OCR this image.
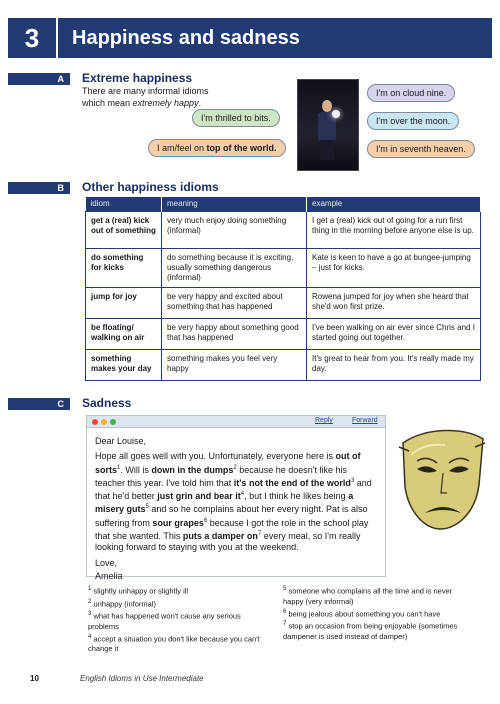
3	Happiness and sadness
A	Extreme happiness
There are many informal idioms
which mean extremely happy.
I'm thrilled to bits.
I am/feel on top of the world.
I'm on cloud nine.
I'm over the moon.
I'm in seventh heaven.
B	Other happiness idioms
idiom	meaning	example
get a (real) kick out of something	very much enjoy doing something (informal)	I get a (real) kick out of going for a run first thing in the morning before anyone else is up.
do something for kicks	do something because it is exciting, usually something dangerous (informal)	Kate is keen to have a go at bungee-jumping – just for kicks.
jump for joy	be very happy and excited about something that has happened	Rowena jumped for joy when she heard that she'd won first prize.
be floating/ walking on air	be very happy about something good that has happened	I've been walking on air ever since Chris and I started going out together.
something makes your day	something makes you feel very happy	It's great to hear from you. It's really made my day.
C	Sadness
Reply	Forward

Dear Louise,

Hope all goes well with you. Unfortunately, everyone here is out of sorts$^1$. Will is down in the dumps$^2$ because he doesn't like his teacher this year. I've told him that it's not the end of the world$^3$ and that he'd better just grin and bear $it^4$, but I think he likes being a misery guts$^5$ and so he complains about her every night. Pat is also suffering from sour grapes$^6$ because I got the role in the school play that she wanted. This puts a damper $on^7$ every meal, so I'm really looking forward to staying with you at the weekend.

Love,

Amelia

$^1$ slightly unhappy or slightly ill
$^2$ unhappy (informal)
$^3$ what has happened won't cause any serious problems
$^4$ accept a situation you don't like because you can't change it
$^5$ someone who complains all the time and is never happy (very informal)
$^6$ being jealous about something you can't have
$^7$ stop an occasion from being enjoyable (sometimes dampener is used instead of damper)
10	English Idioms in Use Intermediate
